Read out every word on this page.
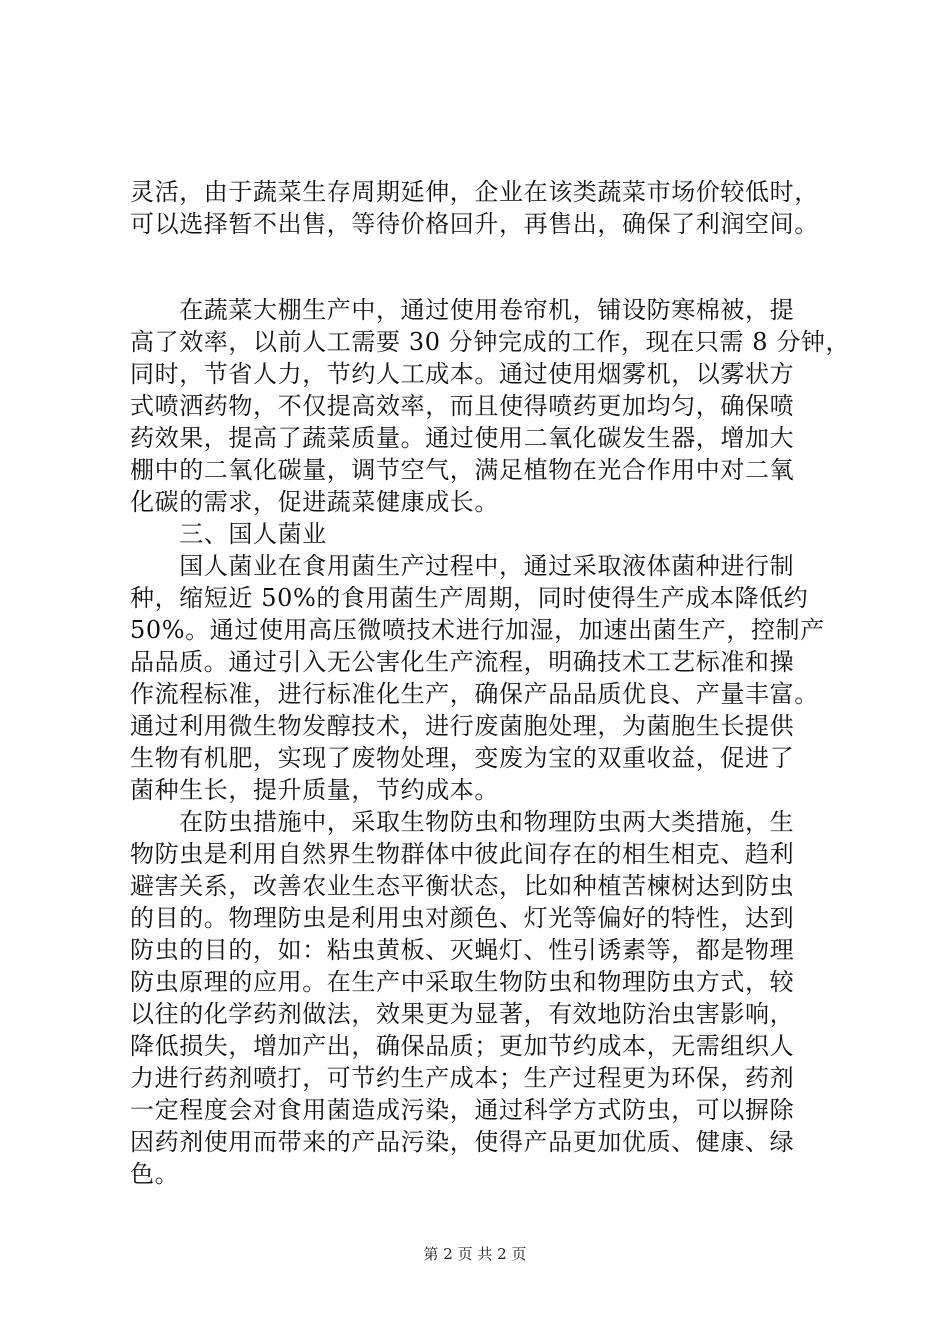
灵活，由于蔬菜生存周期延伸，企业在该类蔬菜市场价较低时，
可以选择暂不出售，等待价格回升，再售出，确保了利润空间。
　　在蔬菜大棚生产中，通过使用卷帘机，铺设防寒棉被，提
高了效率，以前人工需要 30 分钟完成的工作，现在只需 8 分钟，
同时，节省人力，节约人工成本。通过使用烟雾机，以雾状方
式喷洒药物，不仅提高效率，而且使得喷药更加均匀，确保喷
药效果，提高了蔬菜质量。通过使用二氧化碳发生器，增加大
棚中的二氧化碳量，调节空气，满足植物在光合作用中对二氧
化碳的需求，促进蔬菜健康成长。
　　三、国人菌业
　　国人菌业在食用菌生产过程中，通过采取液体菌种进行制
种，缩短近 50%的食用菌生产周期，同时使得生产成本降低约
50%。通过使用高压微喷技术进行加湿，加速出菌生产，控制产
品品质。通过引入无公害化生产流程，明确技术工艺标准和操
作流程标准，进行标准化生产，确保产品品质优良、产量丰富。
通过利用微生物发醇技术，进行废菌胞处理，为菌胞生长提供
生物有机肥，实现了废物处理，变废为宝的双重收益，促进了
菌种生长，提升质量，节约成本。
　　在防虫措施中，采取生物防虫和物理防虫两大类措施，生
物防虫是利用自然界生物群体中彼此间存在的相生相克、趋利
避害关系，改善农业生态平衡状态，比如种植苦楝树达到防虫
的目的。物理防虫是利用虫对颜色、灯光等偏好的特性，达到
防虫的目的，如：粘虫黄板、灭蝇灯、性引诱素等，都是物理
防虫原理的应用。在生产中采取生物防虫和物理防虫方式，较
以往的化学药剂做法，效果更为显著，有效地防治虫害影响，
降低损失，增加产出，确保品质；更加节约成本，无需组织人
力进行药剂喷打，可节约生产成本；生产过程更为环保，药剂
一定程度会对食用菌造成污染，通过科学方式防虫，可以摒除
因药剂使用而带来的产品污染，使得产品更加优质、健康、绿
色。
第 2 页 共 2 页
